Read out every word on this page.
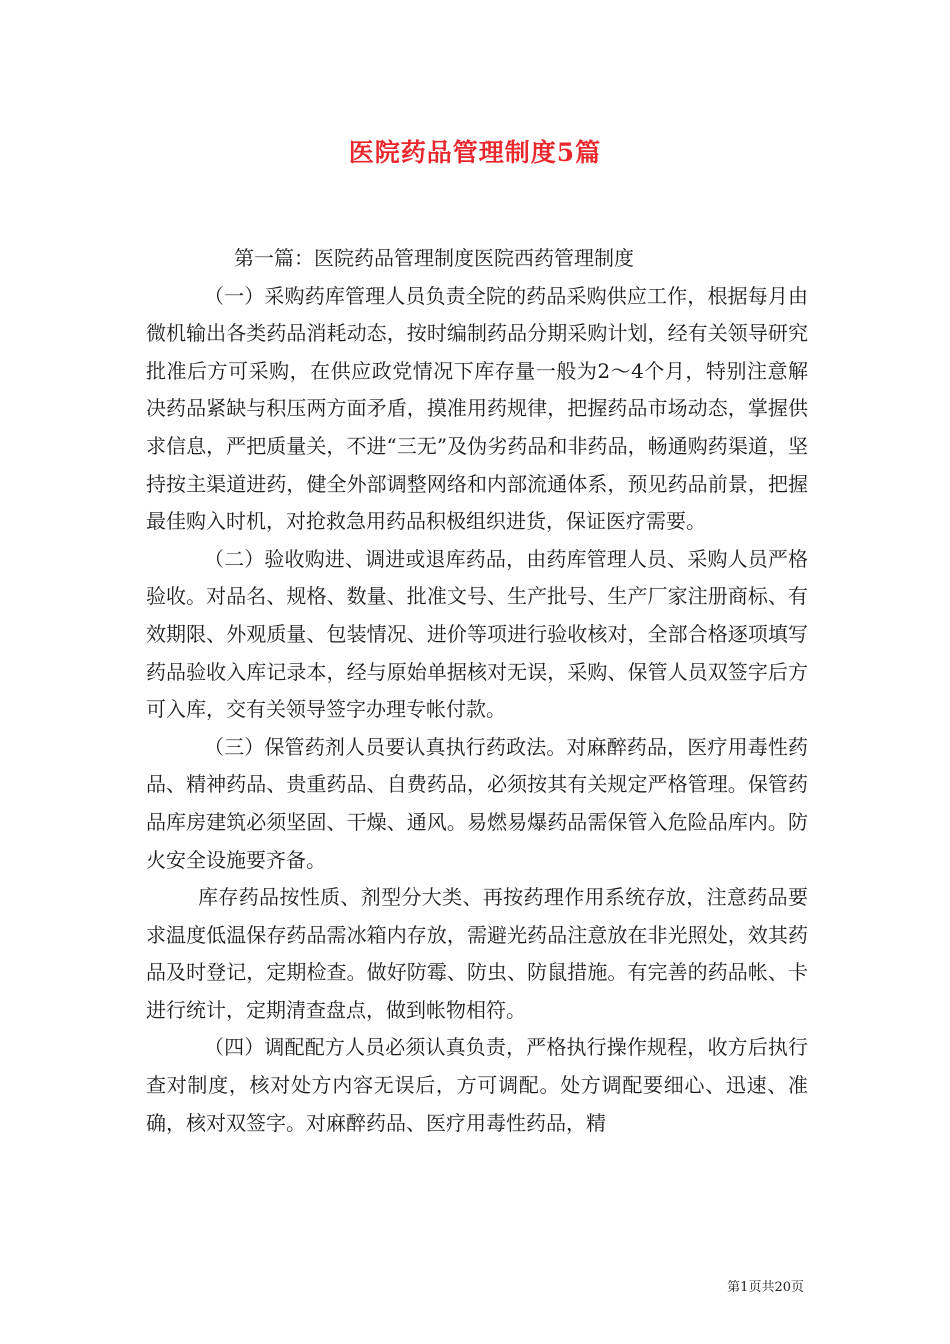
医院药品管理制度5篇

第一篇：医院药品管理制度医院西药管理制度

（一）采购药库管理人员负责全院的药品采购供应工作，根据每月由微机输出各类药品消耗动态，按时编制药品分期采购计划，经有关领导研究批准后方可采购，在供应政党情况下库存量一般为2～4个月，特别注意解决药品紧缺与积压两方面矛盾，摸准用药规律，把握药品市场动态，掌握供求信息，严把质量关，不进“三无”及伪劣药品和非药品，畅通购药渠道，坚持按主渠道进药，健全外部调整网络和内部流通体系，预见药品前景，把握最佳购入时机，对抢救急用药品积极组织进货，保证医疗需要。

（二）验收购进、调进或退库药品，由药库管理人员、采购人员严格验收。对品名、规格、数量、批准文号、生产批号、生产厂家注册商标、有效期限、外观质量、包装情况、进价等项进行验收核对，全部合格逐项填写药品验收入库记录本，经与原始单据核对无误，采购、保管人员双签字后方可入库，交有关领导签字办理专帐付款。

（三）保管药剂人员要认真执行药政法。对麻醉药品，医疗用毒性药品、精神药品、贵重药品、自费药品，必须按其有关规定严格管理。保管药品库房建筑必须坚固、干燥、通风。易燃易爆药品需保管入危险品库内。防火安全设施要齐备。

库存药品按性质、剂型分大类、再按药理作用系统存放，注意药品要求温度低温保存药品需冰箱内存放，需避光药品注意放在非光照处，效其药品及时登记，定期检查。做好防霉、防虫、防鼠措施。有完善的药品帐、卡进行统计，定期清查盘点，做到帐物相符。

（四）调配配方人员必须认真负责，严格执行操作规程，收方后执行查对制度，核对处方内容无误后，方可调配。处方调配要细心、迅速、准确，核对双签字。对麻醉药品、医疗用毒性药品，精

第1页共20页
